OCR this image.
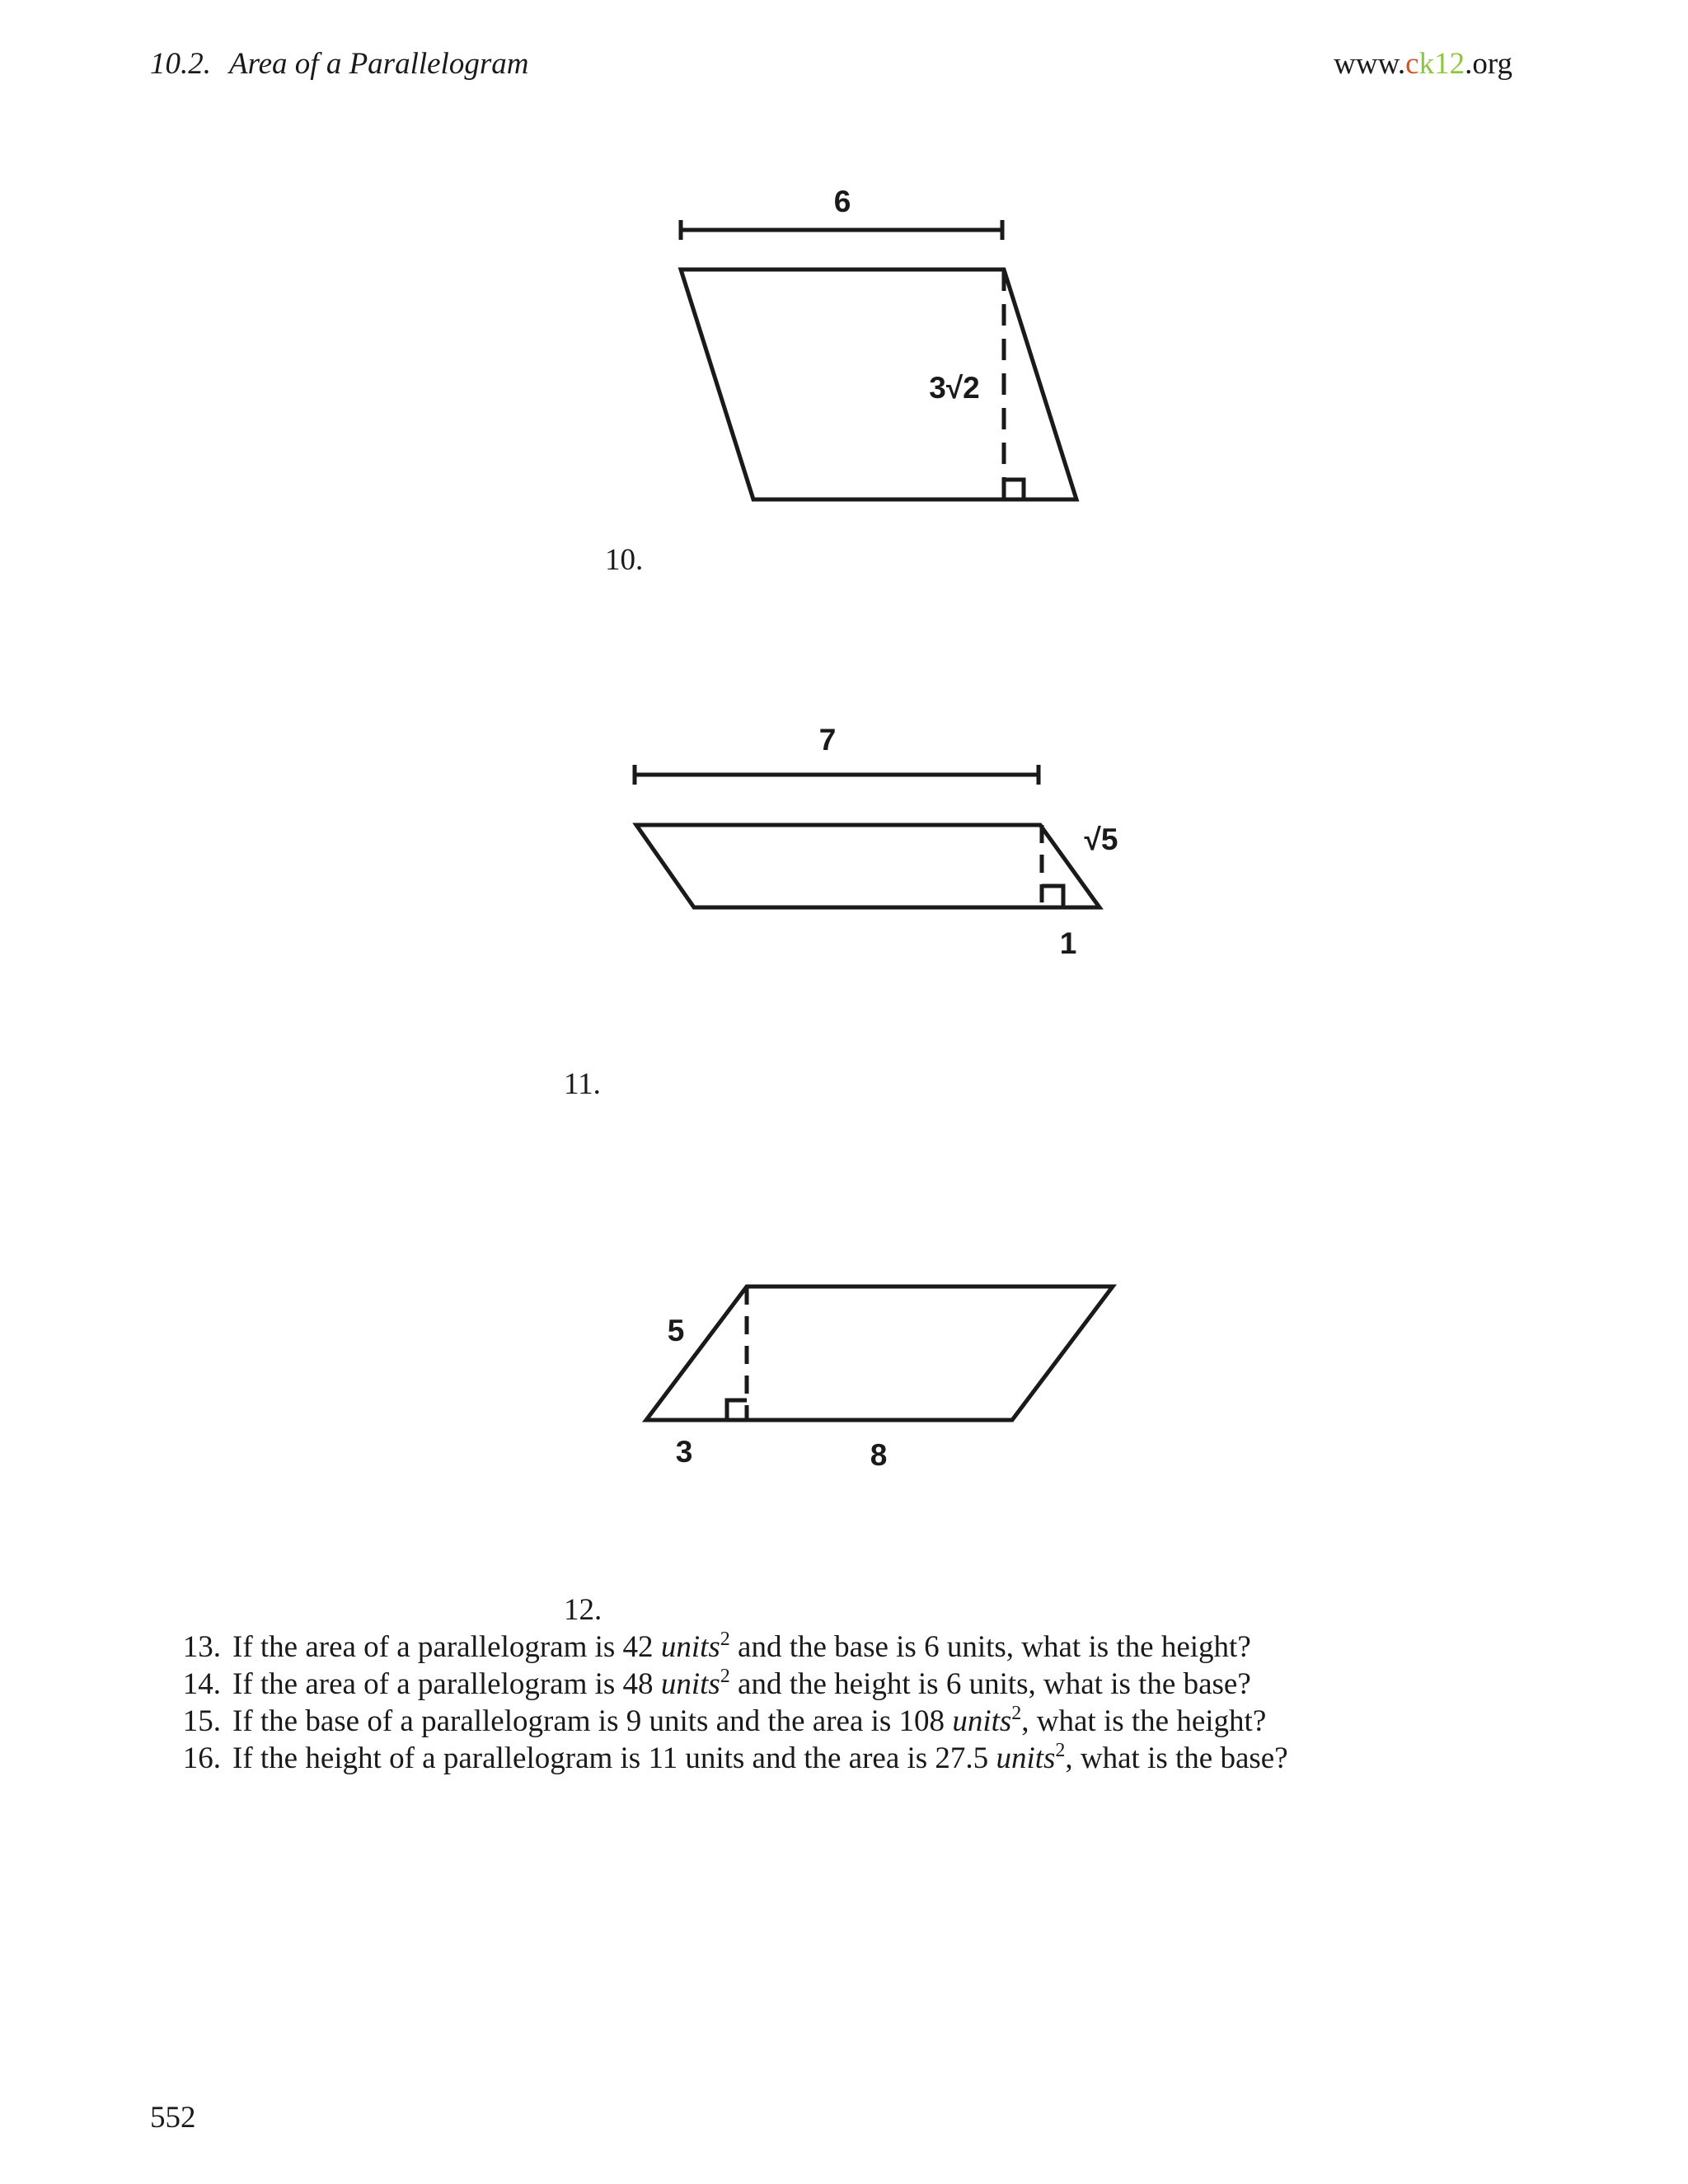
10.2. Area of a Parallelogram	www.ck12.org
6
3√2
10.
7
√5
1
11.
5
3	8
12.
13. If the area of a parallelogram is 42 units$^2$ and the base is 6 units, what is the height?
14. If the area of a parallelogram is 48 units$^2$ and the height is 6 units, what is the base?
15. If the base of a parallelogram is 9 units and the area is 108 units$^2$, what is the height?
16. If the height of a parallelogram is 11 units and the area is 27.5 units$^2$, what is the base?
552
